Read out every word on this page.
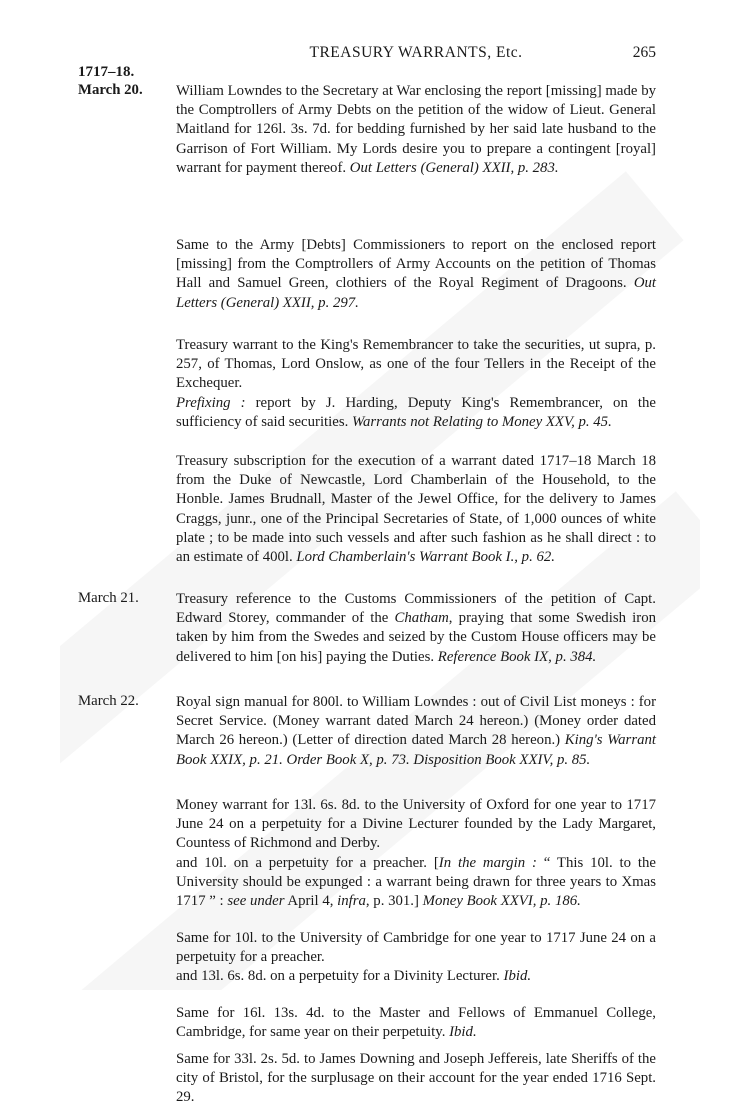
TREASURY WARRANTS, Etc.	265
1717–18.
March 20. William Lowndes to the Secretary at War enclosing the report [missing] made by the Comptrollers of Army Debts on the petition of the widow of Lieut. General Maitland for 126l. 3s. 7d. for bedding furnished by her said late husband to the Garrison of Fort William. My Lords desire you to prepare a contingent [royal] warrant for payment thereof. Out Letters (General) XXII, p. 283.

Same to the Army [Debts] Commissioners to report on the enclosed report [missing] from the Comptrollers of Army Accounts on the petition of Thomas Hall and Samuel Green, clothiers of the Royal Regiment of Dragoons. Out Letters (General) XXII, p. 297.

Treasury warrant to the King's Remembrancer to take the securities, ut supra, p. 257, of Thomas, Lord Onslow, as one of the four Tellers in the Receipt of the Exchequer.

Prefixing : report by J. Harding, Deputy King's Remembrancer, on the sufficiency of said securities. Warrants not Relating to Money XXV, p. 45.

Treasury subscription for the execution of a warrant dated 1717–18 March 18 from the Duke of Newcastle, Lord Chamberlain of the Household, to the Honble. James Brudnall, Master of the Jewel Office, for the delivery to James Craggs, junr., one of the Principal Secretaries of State, of 1,000 ounces of white plate ; to be made into such vessels and after such fashion as he shall direct : to an estimate of 400l. Lord Chamberlain's Warrant Book I., p. 62.

March 21.	Treasury reference to the Customs Commissioners of the petition of Capt. Edward Storey, commander of the Chatham, praying that some Swedish iron taken by him from the Swedes and seized by the Custom House officers may be delivered to him [on his] paying the Duties. Reference Book IX, p. 384.

March 22.	Royal sign manual for 800l. to William Lowndes : out of Civil List moneys : for Secret Service. (Money warrant dated March 24 hereon.) (Money order dated March 26 hereon.) (Letter of direction dated March 28 hereon.) King's Warrant Book XXIX, p. 21. Order Book X, p. 73. Disposition Book XXIV, p. 85.

Money warrant for 13l. 6s. 8d. to the University of Oxford for one year to 1717 June 24 on a perpetuity for a Divine Lecturer founded by the Lady Margaret, Countess of Richmond and Derby.

and 10l. on a perpetuity for a preacher. [In the margin : “ This 10l. to the University should be expunged : a warrant being drawn for three years to Xmas 1717 ” : see under April 4, infra, p. 301.] Money Book XXVI, p. 186.

Same for 10l. to the University of Cambridge for one year to 1717 June 24 on a perpetuity for a preacher.

and 13l. 6s. 8d. on a perpetuity for a Divinity Lecturer. Ibid.

Same for 16l. 13s. 4d. to the Master and Fellows of Emmanuel College, Cambridge, for same year on their perpetuity. Ibid.

Same for 33l. 2s. 5d. to James Downing and Joseph Jeffereis, late Sheriffs of the city of Bristol, for the surplusage on their account for the year ended 1716 Sept. 29.
